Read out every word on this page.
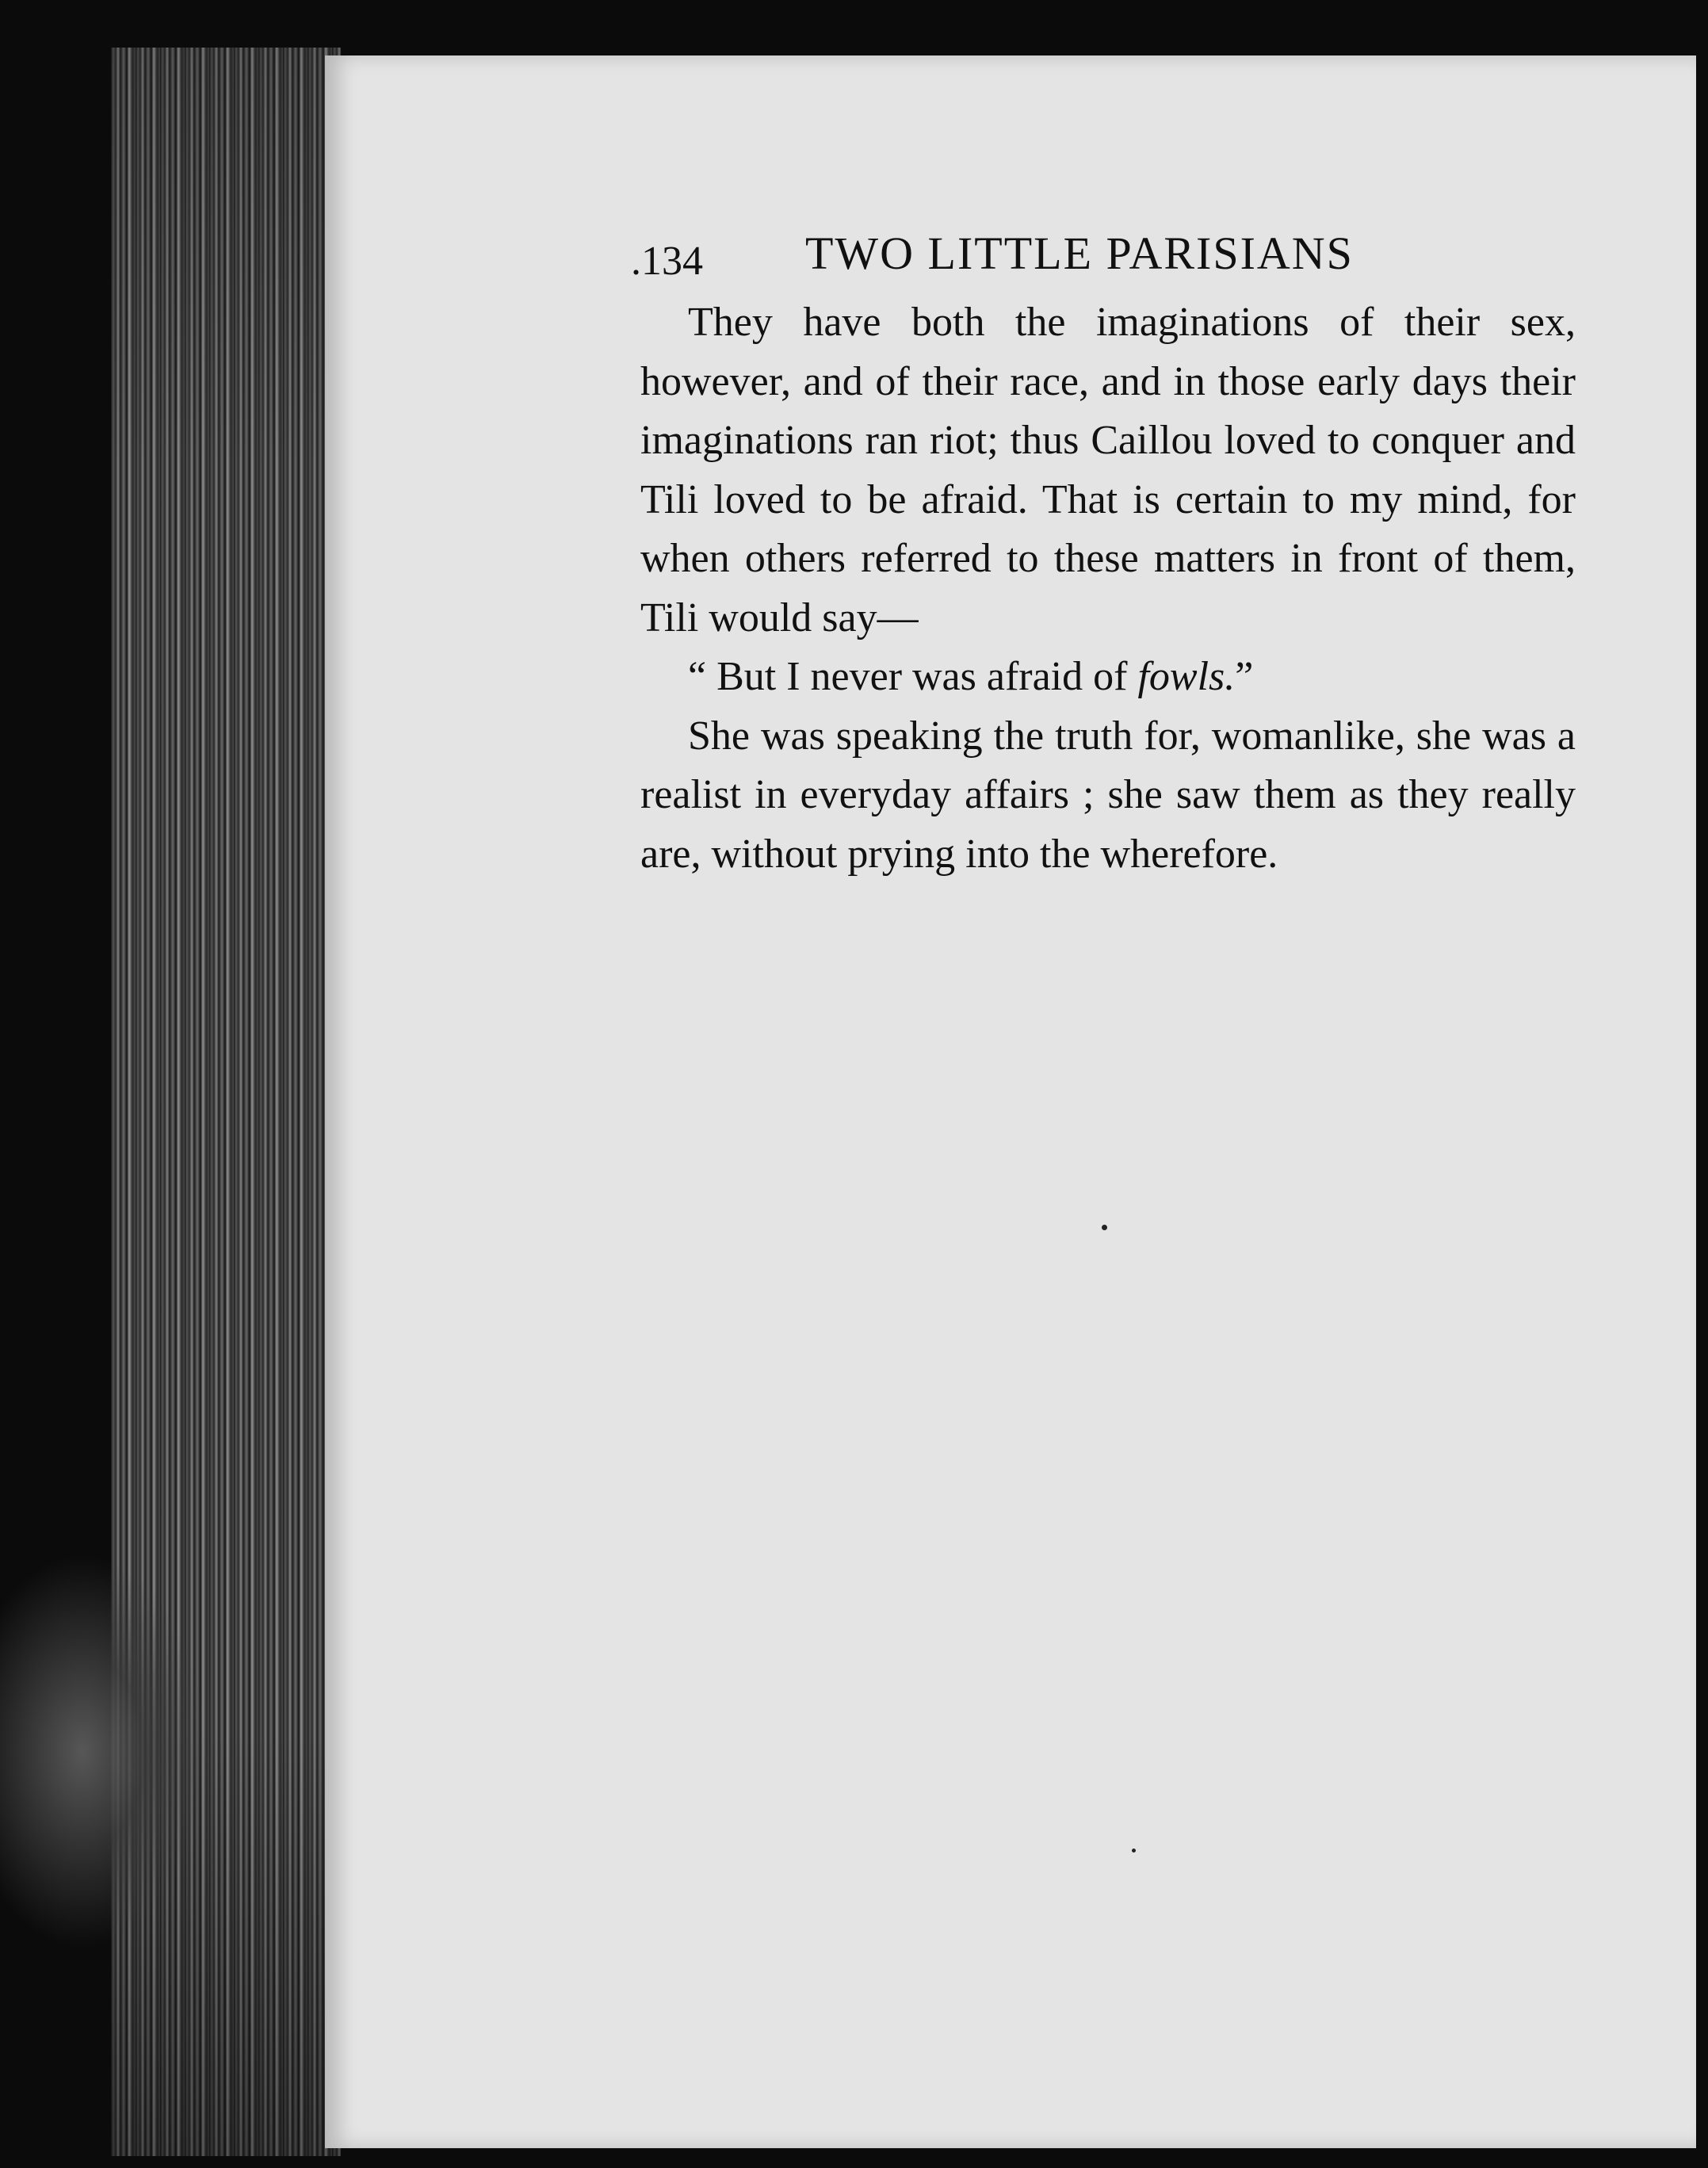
.134 TWO LITTLE PARISIANS

They have both the imaginations of their sex, however, and of their race, and in those early days their imaginations ran riot; thus Caillou loved to conquer and Tili loved to be afraid. That is certain to my mind, for when others referred to these matters in front of them, Tili would say—

“ But I never was afraid of fowls.”

She was speaking the truth for, womanlike, she was a realist in everyday affairs ; she saw them as they really are, without prying into the wherefore.
